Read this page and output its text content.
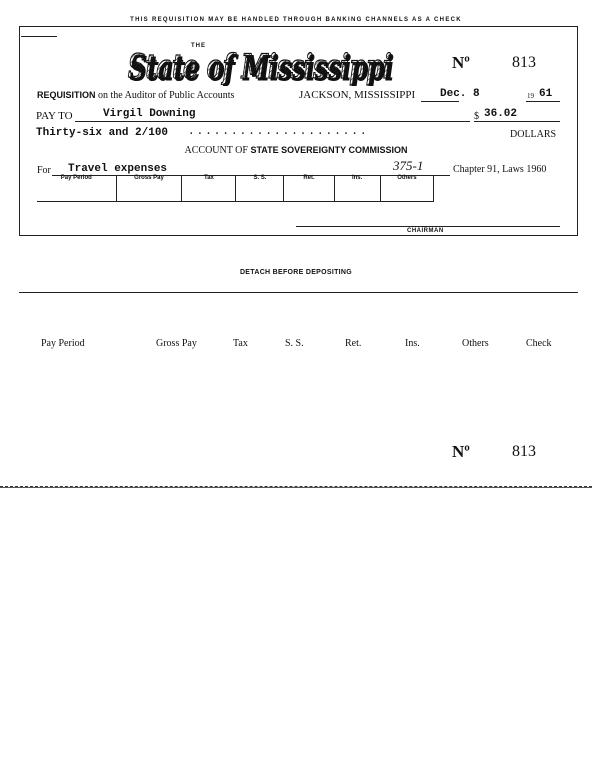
THIS REQUISITION MAY BE HANDLED THROUGH BANKING CHANNELS AS A CHECK
THE
State of Mississippi
State of Mississippi	Nº	813
REQUISITION on the Auditor of Public Accounts	JACKSON, MISSISSIPPI Dec. 8	19 61
PAY TO	Virgil Downing	$ 36.02
Thirty-six and 2/100 .....................	DOLLARS
ACCOUNT OF STATE SOVEREIGNTY COMMISSION
For Travel expenses	375-1	Chapter 91, Laws 1960
Pay Period	Gross Pay	Tax	S. S.	Ret.	Ins.	Others
CHAIRMAN
DETACH BEFORE DEPOSITING
Pay Period	Gross Pay	Tax	S. S.	Ret.	Ins.	Others	Check
Nº	813
